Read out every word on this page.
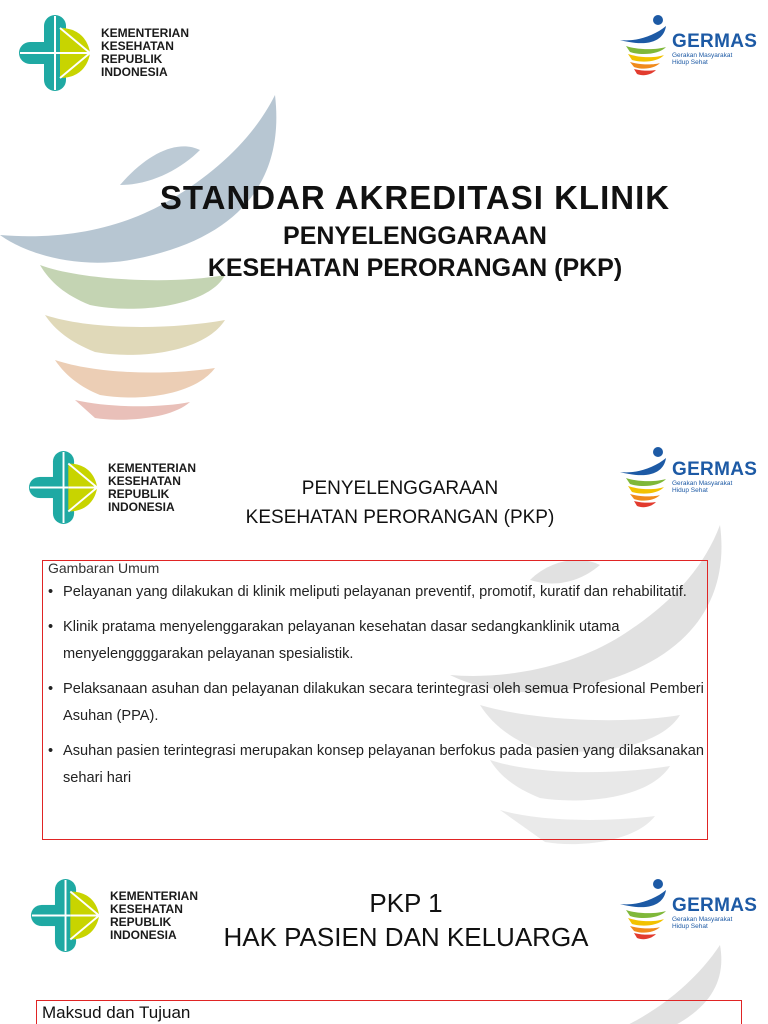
KEMENTERIAN
KESEHATAN
REPUBLIK
INDONESIA
GERMAS
Gerakan Masyarakat
Hidup Sehat
STANDAR AKREDITASI KLINIK
PENYELENGGARAAN
KESEHATAN PERORANGAN (PKP)
KEMENTERIAN
KESEHATAN
REPUBLIK
INDONESIA
GERMAS
Gerakan Masyarakat
Hidup Sehat
PENYELENGGARAAN
KESEHATAN PERORANGAN (PKP)
Gambaran Umum
• Pelayanan yang dilakukan di klinik meliputi pelayanan preventif, promotif, kuratif dan rehabilitatif.
• Klinik pratama menyelenggarakan pelayanan kesehatan dasar sedangkanklinik utama menyelenggggarakan pelayanan spesialistik.
• Pelaksanaan asuhan dan pelayanan dilakukan secara terintegrasi oleh semua Profesional Pemberi Asuhan (PPA).
• Asuhan pasien terintegrasi merupakan konsep pelayanan berfokus pada pasien yang dilaksanakan sehari hari
KEMENTERIAN
KESEHATAN
REPUBLIK
INDONESIA
GERMAS
Gerakan Masyarakat
Hidup Sehat
PKP 1
HAK PASIEN DAN KELUARGA
Maksud dan Tujuan
